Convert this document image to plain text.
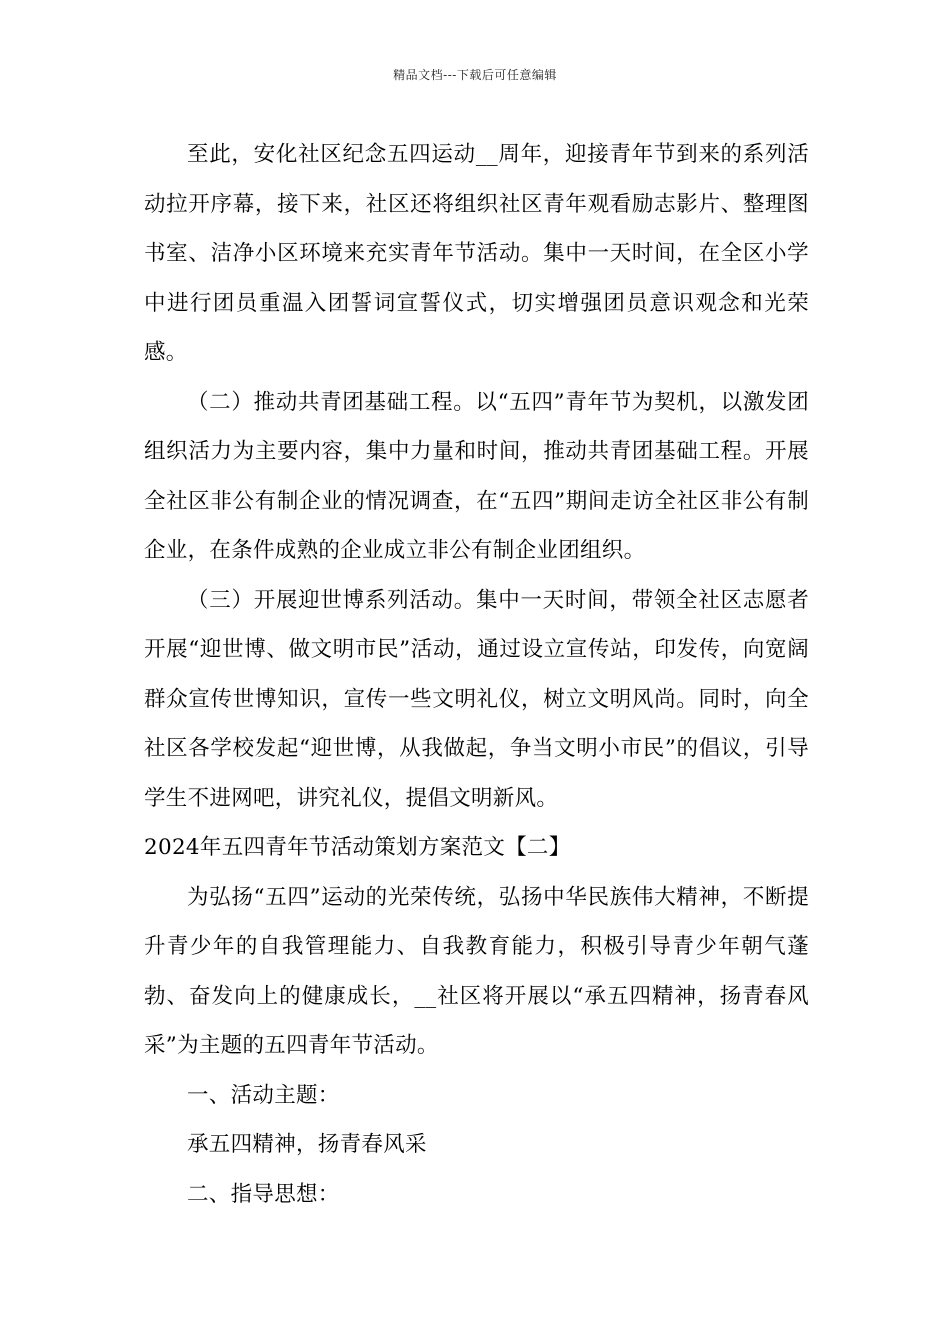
精品文档---下载后可任意编辑

至此，安化社区纪念五四运动__周年，迎接青年节到来的系列活动拉开序幕，接下来，社区还将组织社区青年观看励志影片、整理图书室、洁净小区环境来充实青年节活动。集中一天时间，在全区小学中进行团员重温入团誓词宣誓仪式，切实增强团员意识观念和光荣感。

（二）推动共青团基础工程。以“五四”青年节为契机，以激发团组织活力为主要内容，集中力量和时间，推动共青团基础工程。开展全社区非公有制企业的情况调查，在“五四”期间走访全社区非公有制企业，在条件成熟的企业成立非公有制企业团组织。

（三）开展迎世博系列活动。集中一天时间，带领全社区志愿者开展“迎世博、做文明市民”活动，通过设立宣传站，印发传，向宽阔群众宣传世博知识，宣传一些文明礼仪，树立文明风尚。同时，向全社区各学校发起“迎世博，从我做起，争当文明小市民”的倡议，引导学生不进网吧，讲究礼仪，提倡文明新风。

2024年五四青年节活动策划方案范文【二】

为弘扬“五四”运动的光荣传统，弘扬中华民族伟大精神，不断提升青少年的自我管理能力、自我教育能力，积极引导青少年朝气蓬勃、奋发向上的健康成长，__社区将开展以“承五四精神，扬青春风采”为主题的五四青年节活动。

一、活动主题：

承五四精神，扬青春风采

二、指导思想：
